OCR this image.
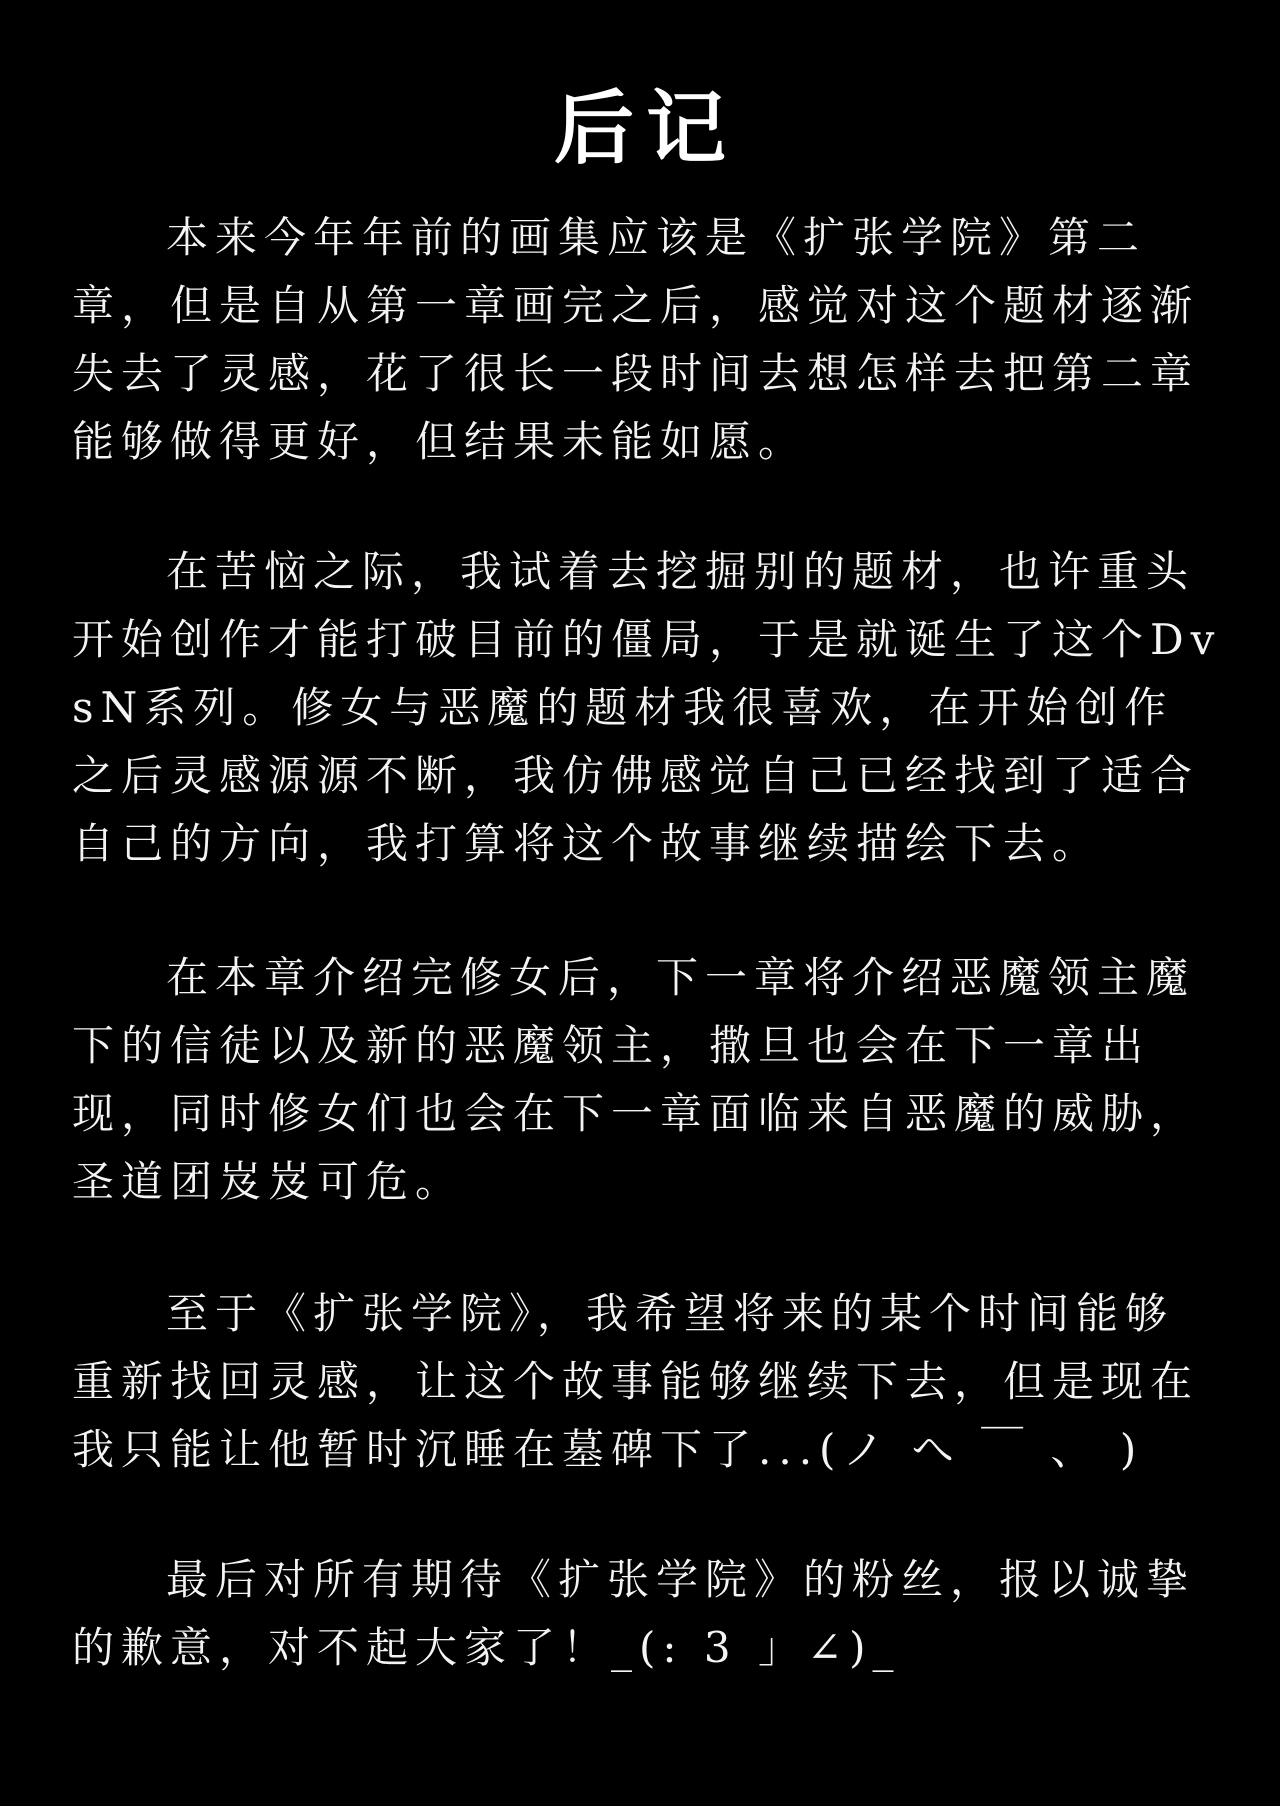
后记

本来今年年前的画集应该是《扩张学院》第二章，但是自从第一章画完之后，感觉对这个题材逐渐失去了灵感，花了很长一段时间去想怎样去把第二章能够做得更好，但结果未能如愿。

在苦恼之际，我试着去挖掘别的题材，也许重头开始创作才能打破目前的僵局，于是就诞生了这个DvsN系列。修女与恶魔的题材我很喜欢，在开始创作之后灵感源源不断，我仿佛感觉自己已经找到了适合自己的方向，我打算将这个故事继续描绘下去。

在本章介绍完修女后，下一章将介绍恶魔领主魔下的信徒以及新的恶魔领主，撒旦也会在下一章出现，同时修女们也会在下一章面临来自恶魔的威胁，圣道团岌岌可危。

至于《扩张学院》，我希望将来的某个时间能够重新找回灵感，让这个故事能够继续下去，但是现在我只能让他暂时沉睡在墓碑下了...(ノ へ ￣ 、 )

最后对所有期待《扩张学院》的粉丝，报以诚挚的歉意，对不起大家了！_(: 3 」∠)_
